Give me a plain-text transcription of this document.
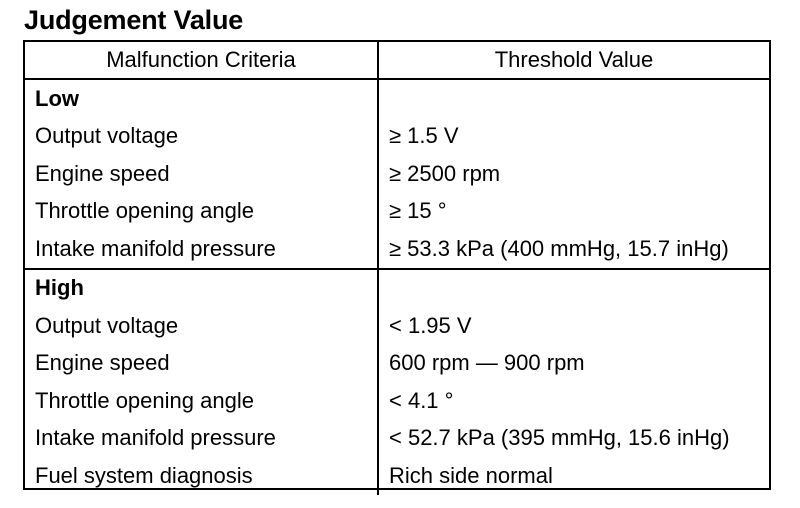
Judgement Value
Malfunction Criteria	Threshold Value
Low	
Output voltage	≥ 1.5 V
Engine speed	≥ 2500 rpm
Throttle opening angle	≥ 15 °
Intake manifold pressure	≥ 53.3 kPa (400 mmHg, 15.7 inHg)
High	
Output voltage	< 1.95 V
Engine speed	600 rpm — 900 rpm
Throttle opening angle	< 4.1 °
Intake manifold pressure	< 52.7 kPa (395 mmHg, 15.6 inHg)
Fuel system diagnosis	Rich side normal
